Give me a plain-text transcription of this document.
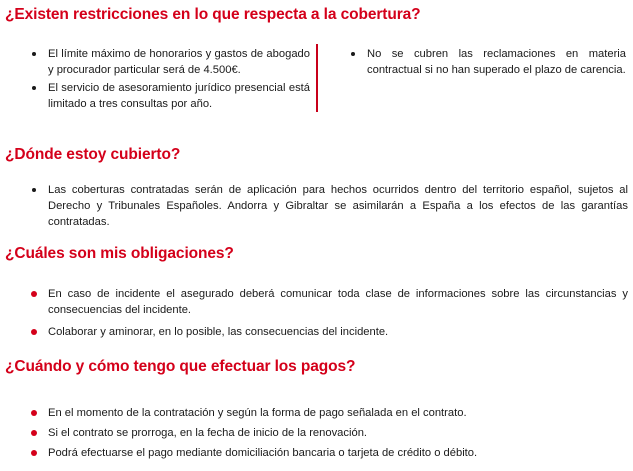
¿Existen restricciones en lo que respecta a la cobertura?
El límite máximo de honorarios y gastos de abogado y procurador particular será de 4.500€.
El servicio de asesoramiento jurídico presencial está limitado a tres consultas por año.
No se cubren las reclamaciones en materia contractual si no han superado el plazo de carencia.
¿Dónde estoy cubierto?
Las coberturas contratadas serán de aplicación para hechos ocurridos dentro del territorio español, sujetos al Derecho y Tribunales Españoles. Andorra y Gibraltar se asimilarán a España a los efectos de las garantías contratadas.
¿Cuáles son mis obligaciones?
En caso de incidente el asegurado deberá comunicar toda clase de informaciones sobre las circunstancias y consecuencias del incidente.
Colaborar y aminorar, en lo posible, las consecuencias del incidente.
¿Cuándo y cómo tengo que efectuar los pagos?
En el momento de la contratación y según la forma de pago señalada en el contrato.
Si el contrato se prorroga, en la fecha de inicio de la renovación.
Podrá efectuarse el pago mediante domiciliación bancaria o tarjeta de crédito o débito.
